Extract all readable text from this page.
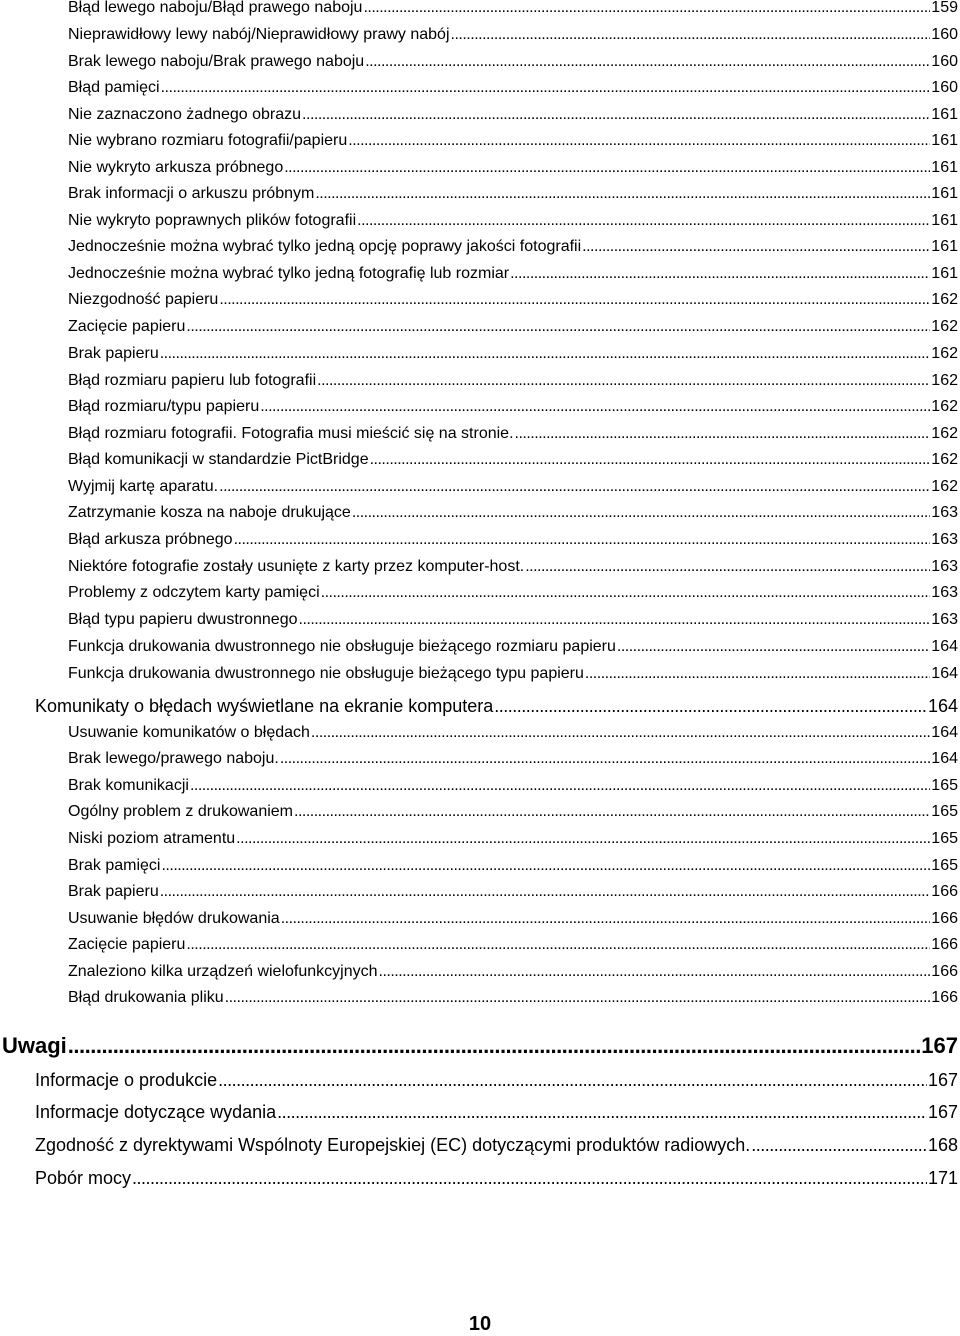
Błąd lewego naboju/Błąd prawego naboju .....	159
Nieprawidłowy lewy nabój/Nieprawidłowy prawy nabój .....	160
Brak lewego naboju/Brak prawego naboju .....	160
Błąd pamięci .....	160
Nie zaznaczono żadnego obrazu .....	161
Nie wybrano rozmiaru fotografii/papieru .....	161
Nie wykryto arkusza próbnego .....	161
Brak informacji o arkuszu próbnym .....	161
Nie wykryto poprawnych plików fotografii .....	161
Jednocześnie można wybrać tylko jedną opcję poprawy jakości fotografii .....	161
Jednocześnie można wybrać tylko jedną fotografię lub rozmiar .....	161
Niezgodność papieru .....	162
Zacięcie papieru .....	162
Brak papieru .....	162
Błąd rozmiaru papieru lub fotografii .....	162
Błąd rozmiaru/typu papieru .....	162
Błąd rozmiaru fotografii. Fotografia musi mieścić się na stronie. .....	162
Błąd komunikacji w standardzie PictBridge .....	162
Wyjmij kartę aparatu. .....	162
Zatrzymanie kosza na naboje drukujące .....	163
Błąd arkusza próbnego .....	163
Niektóre fotografie zostały usunięte z karty przez komputer-host. .....	163
Problemy z odczytem karty pamięci .....	163
Błąd typu papieru dwustronnego .....	163
Funkcja drukowania dwustronnego nie obsługuje bieżącego rozmiaru papieru .....	164
Funkcja drukowania dwustronnego nie obsługuje bieżącego typu papieru .....	164
Komunikaty o błędach wyświetlane na ekranie komputera .....	164
Usuwanie komunikatów o błędach .....	164
Brak lewego/prawego naboju. .....	164
Brak komunikacji .....	165
Ogólny problem z drukowaniem .....	165
Niski poziom atramentu .....	165
Brak pamięci .....	165
Brak papieru .....	166
Usuwanie błędów drukowania .....	166
Zacięcie papieru .....	166
Znaleziono kilka urządzeń wielofunkcyjnych .....	166
Błąd drukowania pliku .....	166
Uwagi .....	167
Informacje o produkcie .....	167
Informacje dotyczące wydania .....	167
Zgodność z dyrektywami Wspólnoty Europejskiej (EC) dotyczącymi produktów radiowych. .....	168
Pobór mocy .....	171
10
